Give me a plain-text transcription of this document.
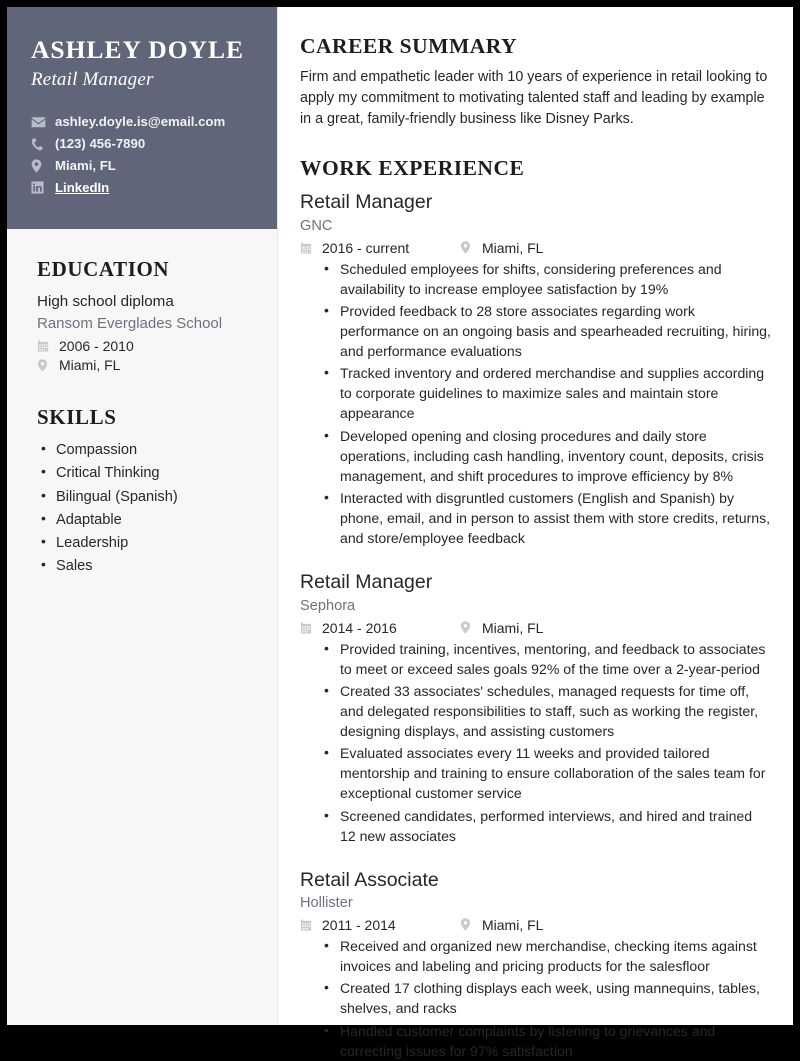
ASHLEY DOYLE
Retail Manager
ashley.doyle.is@email.com
(123) 456-7890
Miami, FL
LinkedIn
EDUCATION
High school diploma
Ransom Everglades School
2006 - 2010
Miami, FL
SKILLS
• Compassion
• Critical Thinking
• Bilingual (Spanish)
• Adaptable
• Leadership
• Sales
CAREER SUMMARY

Firm and empathetic leader with 10 years of experience in retail looking to apply my commitment to motivating talented staff and leading by example in a great, family-friendly business like Disney Parks.

WORK EXPERIENCE
Retail Manager
GNC
2016 - current	Miami, FL
• Scheduled employees for shifts, considering preferences and availability to increase employee satisfaction by 19%
• Provided feedback to 28 store associates regarding work performance on an ongoing basis and spearheaded recruiting, hiring, and performance evaluations
• Tracked inventory and ordered merchandise and supplies according to corporate guidelines to maximize sales and maintain store appearance
• Developed opening and closing procedures and daily store operations, including cash handling, inventory count, deposits, crisis management, and shift procedures to improve efficiency by 8%
• Interacted with disgruntled customers (English and Spanish) by phone, email, and in person to assist them with store credits, returns, and store/employee feedback
Retail Manager
Sephora
2014 - 2016	Miami, FL
• Provided training, incentives, mentoring, and feedback to associates to meet or exceed sales goals 92% of the time over a 2-year-period
• Created 33 associates' schedules, managed requests for time off, and delegated responsibilities to staff, such as working the register, designing displays, and assisting customers
• Evaluated associates every 11 weeks and provided tailored mentorship and training to ensure collaboration of the sales team for exceptional customer service
• Screened candidates, performed interviews, and hired and trained 12 new associates
Retail Associate
Hollister
2011 - 2014	Miami, FL
• Received and organized new merchandise, checking items against invoices and labeling and pricing products for the salesfloor
• Created 17 clothing displays each week, using mannequins, tables, shelves, and racks
• Handled customer complaints by listening to grievances and correcting issues for 97% satisfaction
